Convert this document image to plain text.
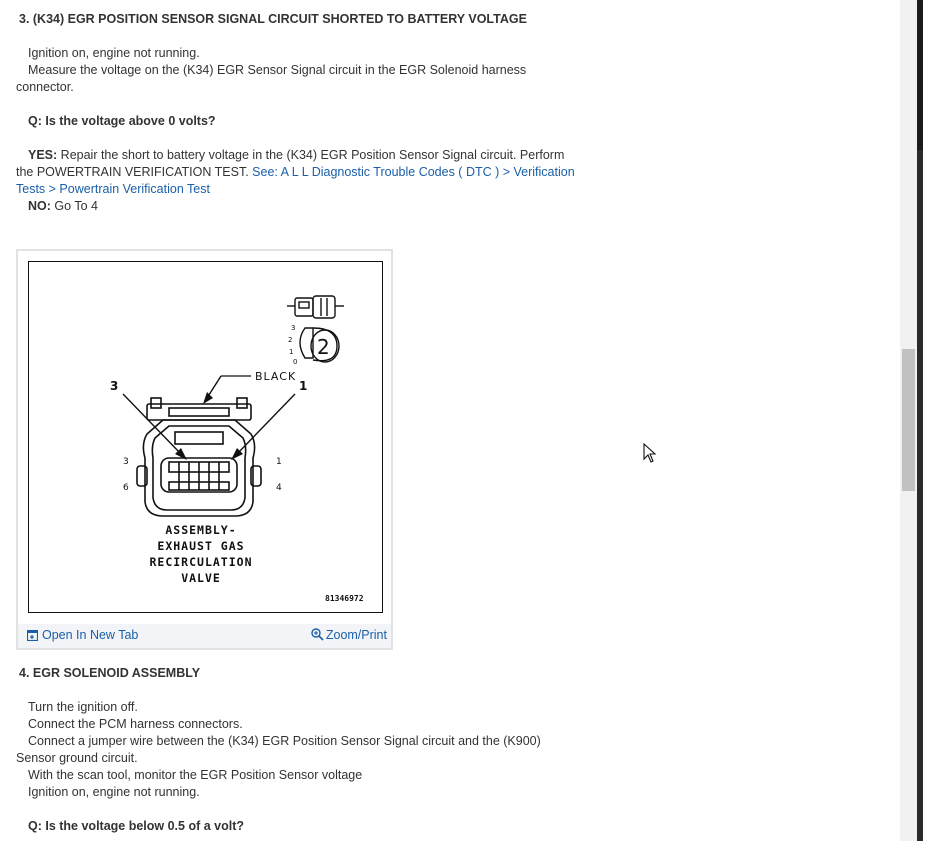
3. (K34) EGR POSITION SENSOR SIGNAL CIRCUIT SHORTED TO BATTERY VOLTAGE
Ignition on, engine not running.
Measure the voltage on the (K34) EGR Sensor Signal circuit in the EGR Solenoid harness
connector.
Q: Is the voltage above 0 volts?
YES: Repair the short to battery voltage in the (K34) EGR Position Sensor Signal circuit. Perform
the POWERTRAIN VERIFICATION TEST. See: A L L Diagnostic Trouble Codes ( DTC ) > Verification
Tests > Powertrain Verification Test
NO: Go To 4
2
3
2
1
0
BLACK
3	1
3
6
1
4
ASSEMBLY-
EXHAUST GAS
RECIRCULATION
VALVE
81346972
Open In New Tab	Zoom/Print
4. EGR SOLENOID ASSEMBLY
Turn the ignition off.
Connect the PCM harness connectors.
Connect a jumper wire between the (K34) EGR Position Sensor Signal circuit and the (K900)
Sensor ground circuit.
With the scan tool, monitor the EGR Position Sensor voltage
Ignition on, engine not running.
Q: Is the voltage below 0.5 of a volt?
